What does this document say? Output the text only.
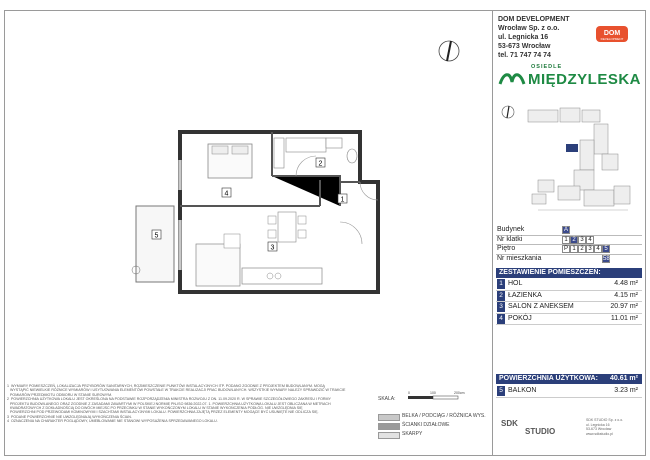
DOM DEVELOPMENT
Wrocław Sp. z o.o.
ul. Legnicka 16
53-673 Wrocław
tel. 71 747 74 74
DOM
DEVELOPMENT
OSIEDLE
MIĘDZYLESKA
Budynek	A
Nr klatki	1 2 3 4
Piętro	P 1 2 3 4 5
Nr mieszkania	58
ZESTAWIENIE POMIESZCZEŃ:
1 HOL	4.48 m²
2 ŁAZIENKA	4.15 m²
3 SALON Z ANEKSEM	20.97 m²
4 POKÓJ	11.01 m²
POWIERZCHNIA UŻYTKOWA: 40.61 m²
5 BALKON	3.23 m²
4
2
1
3
5
1  WYMIARY POMIESZCZEŃ, LOKALIZACJA PRZYBORÓW SANITARNYCH, ROZMIESZCZENIE PUNKTÓW INSTALACYJNYCH ITP. PODANO ZGODNIE Z PROJEKTEM BUDOWLANYM. MOGĄ
WYSTĄPIĆ NIEWIELKIE RÓŻNICE WYMIARÓW I USYTUOWANIA ELEMENTÓW POWSTAŁE W TRAKCIE REALIZACJI PRAC BUDOWLANYCH. WSZYSTKIE WYMIARY NALEŻY SPRAWDZIĆ W TRAKCIE
POMIARÓW PRZEDMIOTU ODBIORU W STANIE SUROWYM.
2  POWIERZCHNIA UŻYTKOWA LOKALU JEST OKREŚLONA NA PODSTAWIE ROZPORZĄDZENIA MINISTRA ROZWOJU Z DN. 11.09.2020 R. W SPRAWIE SZCZEGÓŁOWEGO ZAKRESU I FORMY
PROJEKTU BUDOWLANEGO ORAZ ZGODNIE Z ZASADAMI ZAWARTYMI W POLSKIEJ NORMIE PN-ISO 9836:2022-07. 1. POWIERZCHNIA UŻYTKOWA LOKALU JEST OBLICZANA W METRACH
KWADRATOWYCH Z DOKŁADNOŚCIĄ DO DWÓCH MIEJSC PO PRZECINKU W STANIE WYKOŃCZONYM LOKALU W STANIE WYKOŃCZENIA PODŁÓG. NIE UWZGLĘDNIA SIĘ
POWIERZCHNI POD PRZEWODAMI KOMINOWYMI I SZACHTAMI INSTALACYJNYMI LOKALU. POWIERZCHNIA ZAJĘTĄ PRZEZ ELEMENTY MOGĄCE BYĆ USUNIĘTE NIE ODLICZA SIĘ.
3  PODANE POWIERZCHNIE NIE UWZGLĘDNIAJĄ WYKOŃCZENIA ŚCIAN.
4  OZNACZENIA NA CHARAKTER POGLĄDOWY, UMEBLOWANIE NIE STANOWI WYPOSAŻENIA SPRZEDAWANEGO LOKALU.
SKALA:
0	100	200cm
BELKA / PODCIĄG / RÓŻNICA WYS.
ŚCIANKI DZIAŁOWE
SKARPY
SDK
STUDIO
SDK STUDIO Sp. z o.o.
ul. Legnicka 16
53-673 Wrocław
www.sdkstudio.pl
